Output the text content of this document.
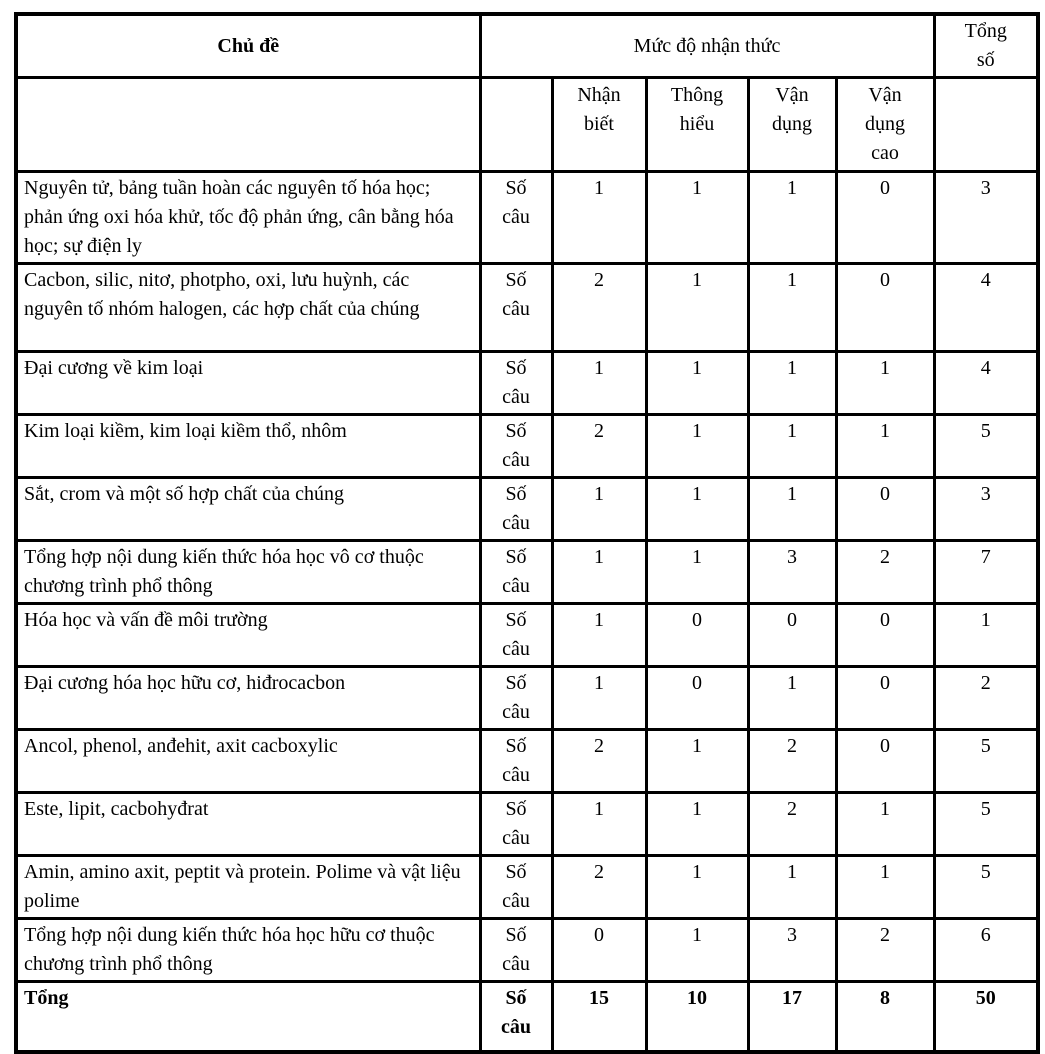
Chủ đề	Mức độ nhận thức					Tổng số
		Nhận biết	Thông hiểu	Vận dụng	Vận dụng cao	
Nguyên tử, bảng tuần hoàn các nguyên tố hóa học; phản ứng oxi hóa khử, tốc độ phản ứng, cân bằng hóa học; sự điện ly	Số câu	1	1	1	0	3
Cacbon, silic, nitơ, photpho, oxi, lưu huỳnh, các nguyên tố nhóm halogen, các hợp chất của chúng	Số câu	2	1	1	0	4
Đại cương về kim loại	Số câu	1	1	1	1	4
Kim loại kiềm, kim loại kiềm thổ, nhôm	Số câu	2	1	1	1	5
Sắt, crom và một số hợp chất của chúng	Số câu	1	1	1	0	3
Tổng hợp nội dung kiến thức hóa học vô cơ thuộc chương trình phổ thông	Số câu	1	1	3	2	7
Hóa học và vấn đề môi trường	Số câu	1	0	0	0	1
Đại cương hóa học hữu cơ, hiđrocacbon	Số câu	1	0	1	0	2
Ancol, phenol, anđehit, axit cacboxylic	Số câu	2	1	2	0	5
Este, lipit, cacbohyđrat	Số câu	1	1	2	1	5
Amin, amino axit, peptit và protein. Polime và vật liệu polime	Số câu	2	1	1	1	5
Tổng hợp nội dung kiến thức hóa học hữu cơ thuộc chương trình phổ thông	Số câu	0	1	3	2	6
Tổng	Số câu	15	10	17	8	50
